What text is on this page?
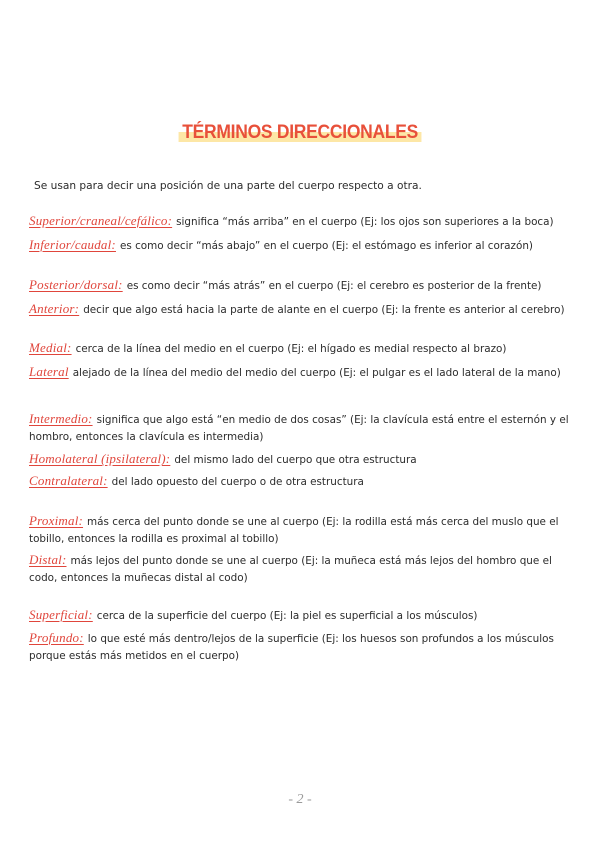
TÉRMINOS DIRECCIONALES
Se usan para decir una posición de una parte del cuerpo respecto a otra.
Superior/craneal/cefálico: significa “más arriba” en el cuerpo (Ej: los ojos son superiores a la boca)
Inferior/caudal: es como decir “más abajo” en el cuerpo (Ej: el estómago es inferior al corazón)
Posterior/dorsal: es como decir “más atrás” en el cuerpo (Ej: el cerebro es posterior de la frente)
Anterior: decir que algo está hacia la parte de alante en el cuerpo (Ej: la frente es anterior al cerebro)
Medial: cerca de la línea del medio en el cuerpo (Ej: el hígado es medial respecto al brazo)
Lateral alejado de la línea del medio del medio del cuerpo (Ej: el pulgar es el lado lateral de la mano)
Intermedio: significa que algo está “en medio de dos cosas” (Ej: la clavícula está entre el esternón y el hombro, entonces la clavícula es intermedia)
Homolateral (ipsilateral): del mismo lado del cuerpo que otra estructura
Contralateral: del lado opuesto del cuerpo o de otra estructura
Proximal: más cerca del punto donde se une al cuerpo (Ej: la rodilla está más cerca del muslo que el tobillo, entonces la rodilla es proximal al tobillo)
Distal: más lejos del punto donde se une al cuerpo (Ej: la muñeca está más lejos del hombro que el codo, entonces la muñecas distal al codo)
Superficial: cerca de la superficie del cuerpo (Ej: la piel es superficial a los músculos)
Profundo: lo que esté más dentro/lejos de la superficie (Ej: los huesos son profundos a los músculos porque estás más metidos en el cuerpo)
- 2 -
